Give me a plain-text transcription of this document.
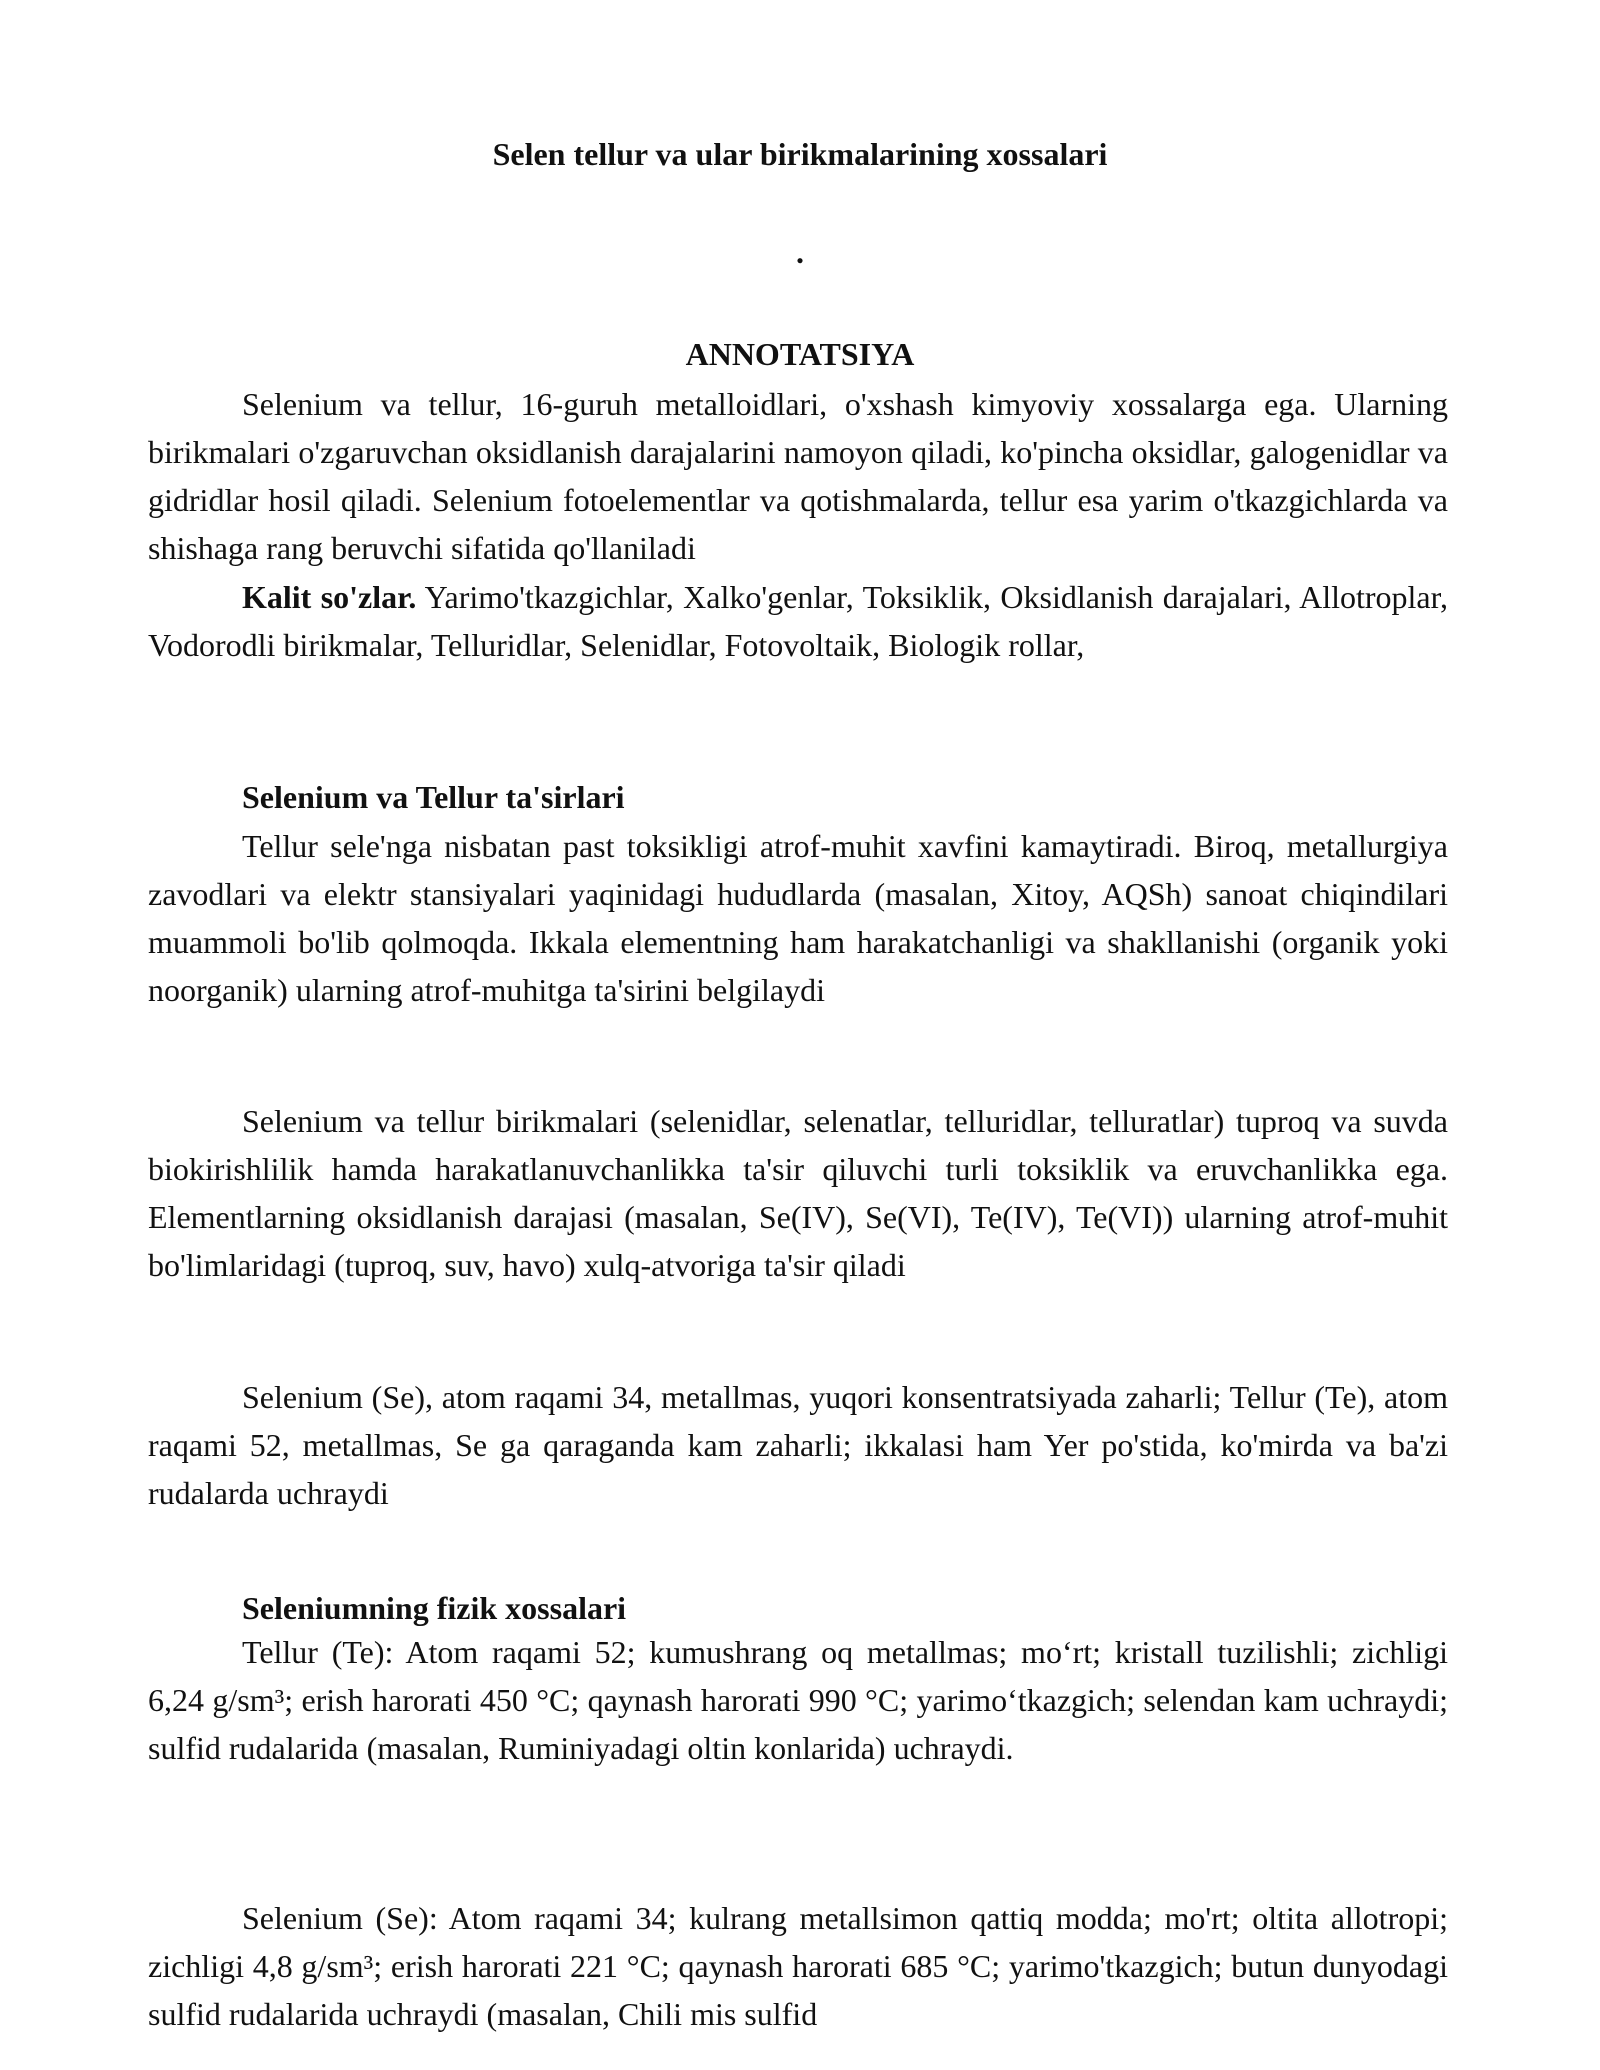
Selen tellur va ular birikmalarining xossalari
.
ANNOTATSIYA

Selenium va tellur, 16-guruh metalloidlari, o'xshash kimyoviy xossalarga ega. Ularning birikmalari o'zgaruvchan oksidlanish darajalarini namoyon qiladi, ko'pincha oksidlar, galogenidlar va gidridlar hosil qiladi. Selenium fotoelementlar va qotishmalarda, tellur esa yarim o'tkazgichlarda va shishaga rang beruvchi sifatida qo'llaniladi

Kalit so'zlar. Yarimo'tkazgichlar, Xalko'genlar, Toksiklik, Oksidlanish darajalari, Allotroplar, Vodorodli birikmalar, Telluridlar, Selenidlar, Fotovoltaik, Biologik rollar,

Selenium va Tellur ta'sirlari

Tellur sele'nga nisbatan past toksikligi atrof-muhit xavfini kamaytiradi. Biroq, metallurgiya zavodlari va elektr stansiyalari yaqinidagi hududlarda (masalan, Xitoy, AQSh) sanoat chiqindilari muammoli bo'lib qolmoqda. Ikkala elementning ham harakatchanligi va shakllanishi (organik yoki noorganik) ularning atrof-muhitga ta'sirini belgilaydi

Selenium va tellur birikmalari (selenidlar, selenatlar, telluridlar, telluratlar) tuproq va suvda biokirishlilik hamda harakatlanuvchanlikka ta'sir qiluvchi turli toksiklik va eruvchanlikka ega. Elementlarning oksidlanish darajasi (masalan, Se(IV), Se(VI), Te(IV), Te(VI)) ularning atrof-muhit bo'limlaridagi (tuproq, suv, havo) xulq-atvoriga ta'sir qiladi

Selenium (Se), atom raqami 34, metallmas, yuqori konsentratsiyada zaharli; Tellur (Te), atom raqami 52, metallmas, Se ga qaraganda kam zaharli; ikkalasi ham Yer po'stida, ko'mirda va ba'zi rudalarda uchraydi

Seleniumning fizik xossalari

Tellur (Te): Atom raqami 52; kumushrang oq metallmas; mo‘rt; kristall tuzilishli; zichligi 6,24 g/sm³; erish harorati 450 °C; qaynash harorati 990 °C; yarimo‘tkazgich; selendan kam uchraydi; sulfid rudalarida (masalan, Ruminiyadagi oltin konlarida) uchraydi.

Selenium (Se): Atom raqami 34; kulrang metallsimon qattiq modda; mo'rt; oltita allotropi; zichligi 4,8 g/sm³; erish harorati 221 °C; qaynash harorati 685 °C; yarimo'tkazgich; butun dunyodagi sulfid rudalarida uchraydi (masalan, Chili mis sulfid
